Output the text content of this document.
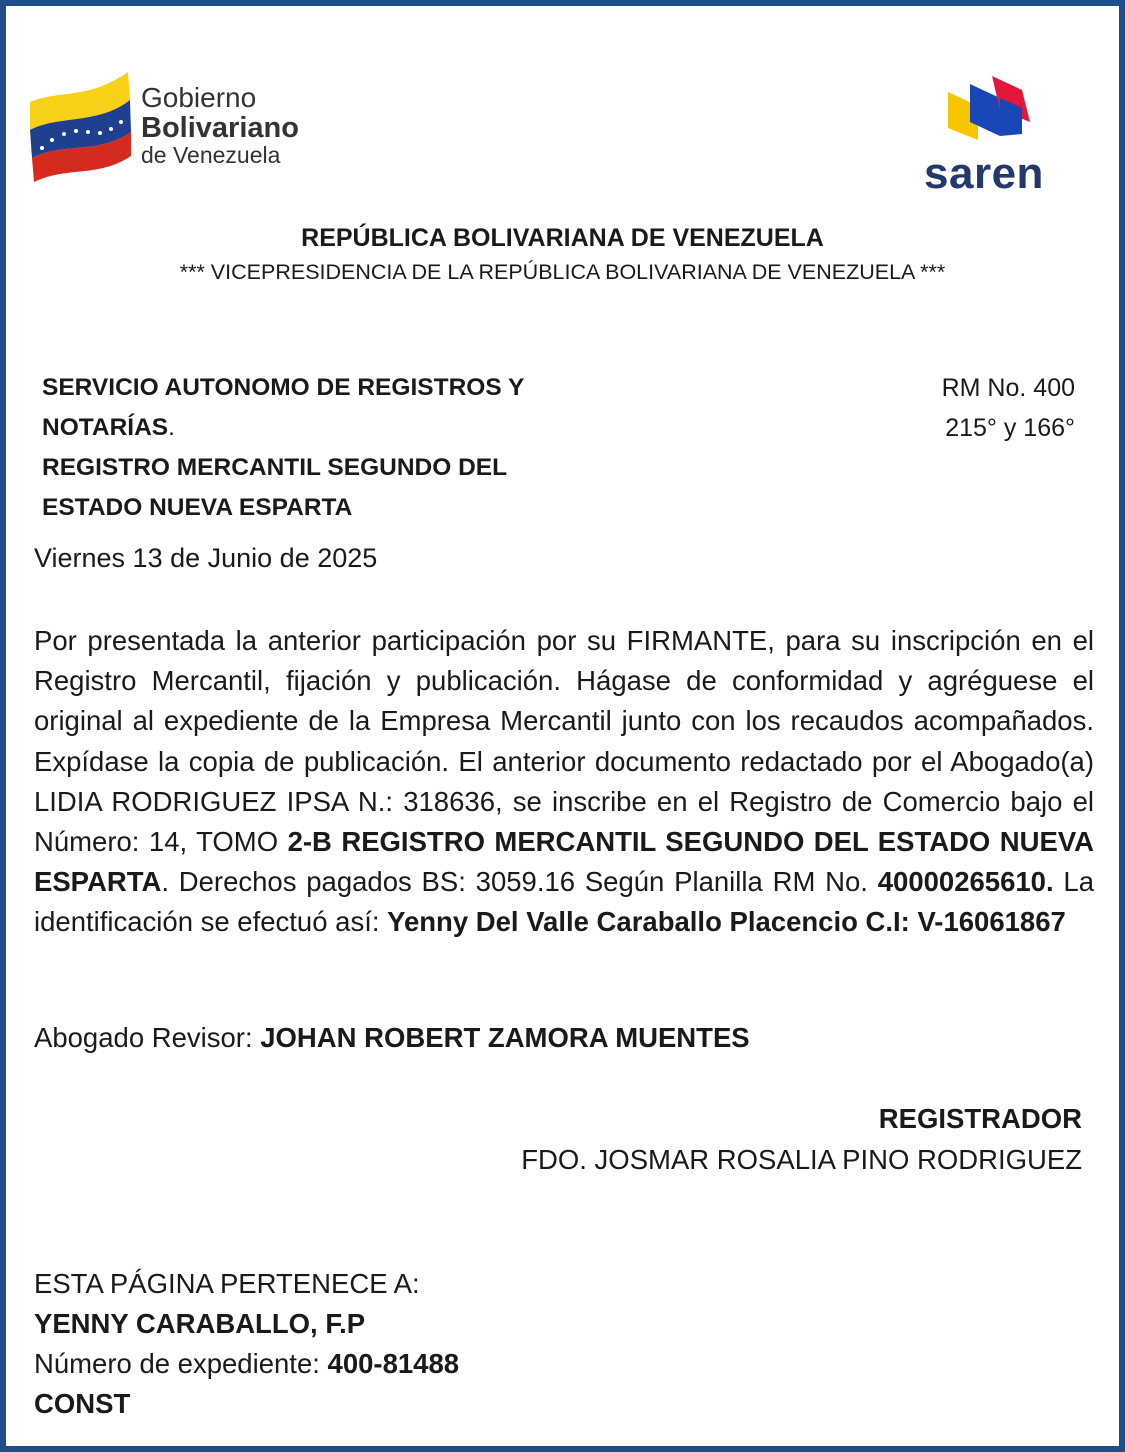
Gobierno
Bolivariano
de Venezuela	saren
REPÚBLICA BOLIVARIANA DE VENEZUELA
*** VICEPRESIDENCIA DE LA REPÚBLICA BOLIVARIANA DE VENEZUELA ***
SERVICIO AUTONOMO DE REGISTROS Y
NOTARÍAS.
REGISTRO MERCANTIL SEGUNDO DEL
ESTADO NUEVA ESPARTA
RM No. 400
215° y 166°
Viernes 13 de Junio de 2025
Por presentada la anterior participación por su FIRMANTE, para su inscripción en el Registro Mercantil, fijación y publicación. Hágase de conformidad y agréguese el original al expediente de la Empresa Mercantil junto con los recaudos acompañados. Expídase la copia de publicación. El anterior documento redactado por el Abogado(a) LIDIA RODRIGUEZ IPSA N.: 318636, se inscribe en el Registro de Comercio bajo el Número: 14, TOMO 2-B REGISTRO MERCANTIL SEGUNDO DEL ESTADO NUEVA ESPARTA. Derechos pagados BS: 3059.16 Según Planilla RM No. 40000265610. La identificación se efectuó así: Yenny Del Valle Caraballo Placencio C.I: V-16061867
Abogado Revisor: JOHAN ROBERT ZAMORA MUENTES
REGISTRADOR
FDO. JOSMAR ROSALIA PINO RODRIGUEZ
ESTA PÁGINA PERTENECE A:
YENNY CARABALLO, F.P
Número de expediente: 400-81488
CONST
